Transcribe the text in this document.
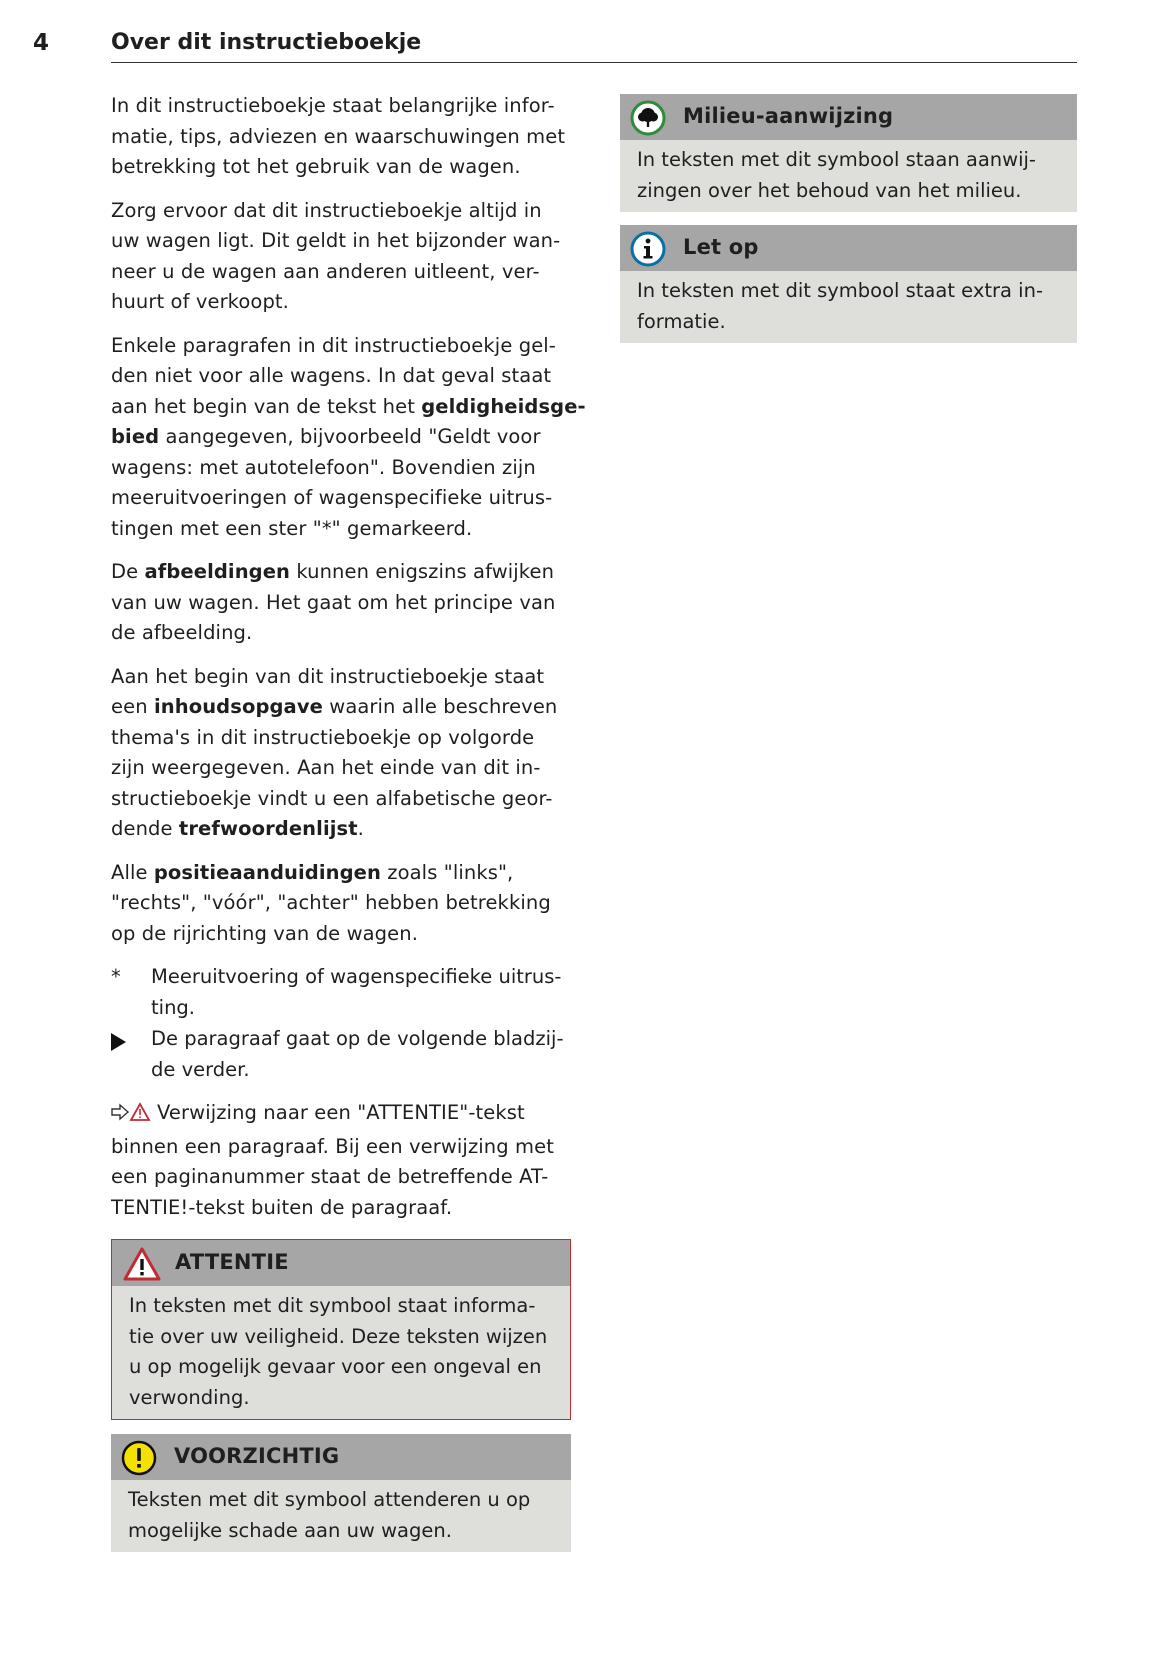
4	Over dit instructieboekje

In dit instructieboekje staat belangrijke infor-
matie, tips, adviezen en waarschuwingen met
betrekking tot het gebruik van de wagen.

Zorg ervoor dat dit instructieboekje altijd in
uw wagen ligt. Dit geldt in het bijzonder wan-
neer u de wagen aan anderen uitleent, ver-
huurt of verkoopt.

Enkele paragrafen in dit instructieboekje gel-
den niet voor alle wagens. In dat geval staat
aan het begin van de tekst het geldigheidsge-
bied aangegeven, bijvoorbeeld "Geldt voor
wagens: met autotelefoon". Bovendien zijn
meeruitvoeringen of wagenspecifieke uitrus-
tingen met een ster "*" gemarkeerd.

De afbeeldingen kunnen enigszins afwijken
van uw wagen. Het gaat om het principe van
de afbeelding.

Aan het begin van dit instructieboekje staat
een inhoudsopgave waarin alle beschreven
thema's in dit instructieboekje op volgorde
zijn weergegeven. Aan het einde van dit in-
structieboekje vindt u een alfabetische geor-
dende trefwoordenlijst.

Alle positieaanduidingen zoals "links",
"rechts", "vóór", "achter" hebben betrekking
op de rijrichting van de wagen.

*	Meeruitvoering of wagenspecifieke uitrus-
ting.
De paragraaf gaat op de volgende bladzij-
de verder.

Verwijzing naar een "ATTENTIE"-tekst
binnen een paragraaf. Bij een verwijzing met
een paginanummer staat de betreffende AT-
TENTIE!-tekst buiten de paragraaf.

ATTENTIE
In teksten met dit symbool staat informa-
tie over uw veiligheid. Deze teksten wijzen
u op mogelijk gevaar voor een ongeval en
verwonding.
VOORZICHTIG
Teksten met dit symbool attenderen u op
mogelijke schade aan uw wagen.
Milieu-aanwijzing
In teksten met dit symbool staan aanwij-
zingen over het behoud van het milieu.
Let op
In teksten met dit symbool staat extra in-
formatie.
